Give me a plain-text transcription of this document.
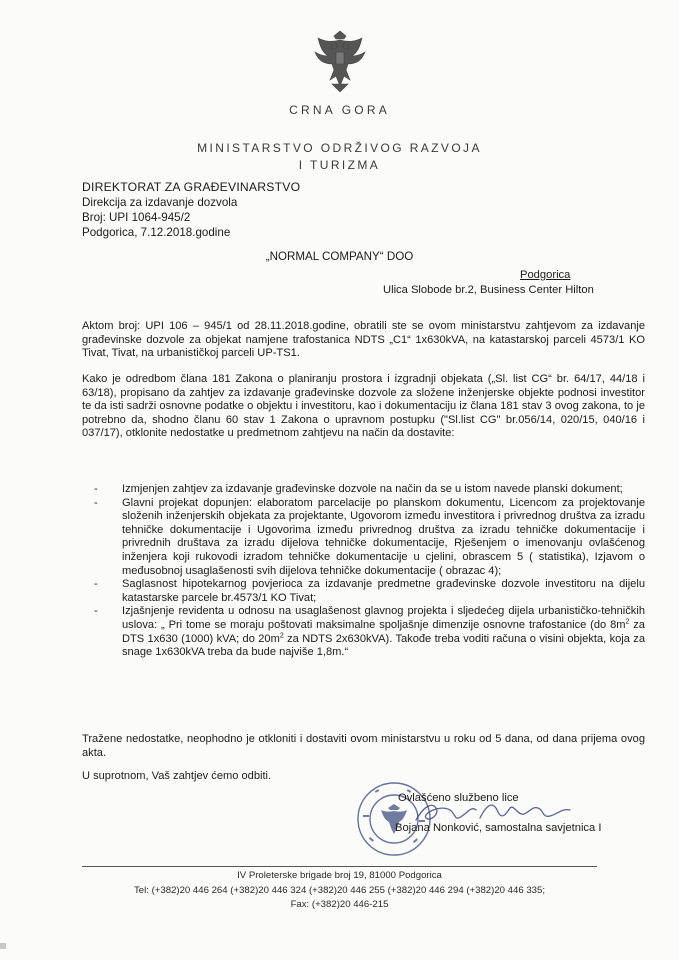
CRNA GORA
MINISTARSTVO ODRŽIVOG RAZVOJA
I TURIZMA
DIREKTORAT ZA GRAĐEVINARSTVO
Direkcija za izdavanje dozvola
Broj: UPI 1064-945/2
Podgorica, 7.12.2018.godine
„NORMAL COMPANY“ DOO
Podgorica
Ulica Slobode br.2, Business Center Hilton
Aktom broj: UPI 106 – 945/1 od 28.11.2018.godine, obratili ste se ovom ministarstvu zahtjevom za izdavanje građevinske dozvole za objekat namjene trafostanica NDTS „C1“ 1x630kVA, na katastarskoj parceli 4573/1 KO Tivat, Tivat, na urbanističkoj parceli UP-TS1.
Kako je odredbom člana 181 Zakona o planiranju prostora i izgradnji objekata („Sl. list CG“ br. 64/17, 44/18 i 63/18), propisano da zahtjev za izdavanje građevinske dozvole za složene inženjerske objekte podnosi investitor te da isti sadrži osnovne podatke o objektu i investitoru, kao i dokumentaciju iz člana 181 stav 3 ovog zakona, to je potrebno da, shodno članu 60 stav 1 Zakona o upravnom postupku ("Sl.list CG" br.056/14, 020/15, 040/16 i 037/17), otklonite nedostatke u predmetnom zahtjevu na način da dostavite:
- Izmjenjen zahtjev za izdavanje građevinske dozvole na način da se u istom navede planski dokument;
- Glavni projekat dopunjen: elaboratom parcelacije po planskom dokumentu, Licencom za projektovanje složenih inženjerskih objekata za projektante, Ugovorom između investitora i privrednog društva za izradu tehničke dokumentacije i Ugovorima između privrednog društva za izradu tehničke dokumentacije i privrednih društava za izradu dijelova tehničke dokumentacije, Rješenjem o imenovanju ovlašćenog inženjera koji rukovodi izradom tehničke dokumentacije u cjelini, obrascem 5 ( statistika), Izjavom o međusobnoj usaglašenosti svih dijelova tehničke dokumentacije ( obrazac 4);
- Saglasnost hipotekarnog povjerioca za izdavanje predmetne građevinske dozvole investitoru na dijelu katastarske parcele br.4573/1 KO Tivat;
- Izjašnjenje revidenta u odnosu na usaglašenost glavnog projekta i sljedećeg dijela urbanističko-tehničkih uslova: „ Pri tome se moraju poštovati maksimalne spoljašnje dimenzije osnovne trafostanice (do $8m^2$ za DTS 1x630 (1000) kVA; do $20m^2$ za NDTS 2x630kVA). Takođe treba voditi računa o visini objekta, koja za snage 1x630kVA treba da bude najviše 1,8m.“
Tražene nedostatke, neophodno je otkloniti i dostaviti ovom ministarstvu u roku od 5 dana, od dana prijema ovog akta.
U suprotnom, Vaš zahtjev ćemo odbiti.
Ovlašćeno službeno lice
Bojana Nonković, samostalna savjetnica I
IV Proleterske brigade broj 19, 81000 Podgorica
Tel: (+382)20 446 264 (+382)20 446 324 (+382)20 446 255 (+382)20 446 294 (+382)20 446 335;
Fax: (+382)20 446-215
